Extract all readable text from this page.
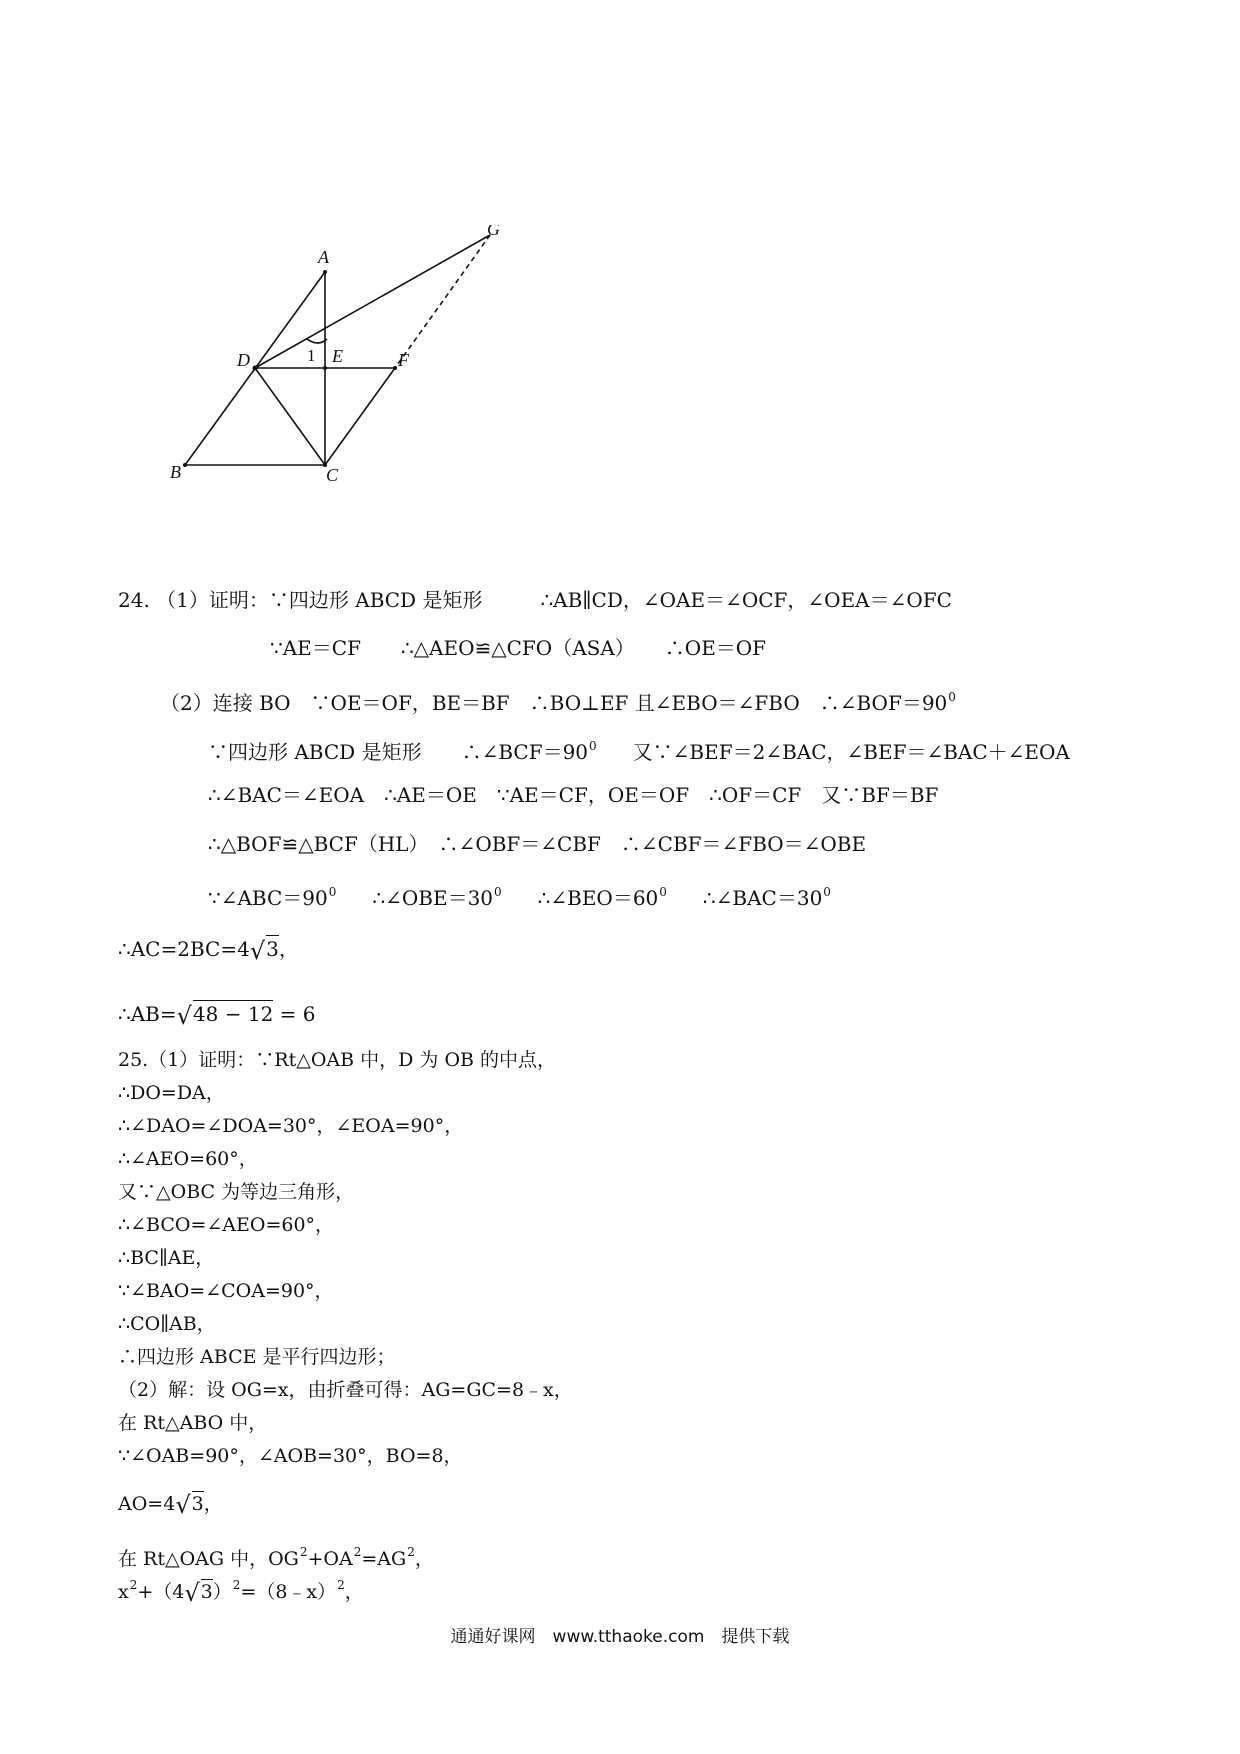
A
B	C
D	E	F
G
1
24. （1）证明：∵四边形 ABCD 是矩形	∴AB∥CD，∠OAE＝∠OCF，∠OEA＝∠OFC
∵AE＝CF　　∴△AEO≌△CFO（ASA）　　∴OE＝OF
（2）连接 BO　∵OE＝OF，BE＝BF　∴BO⊥EF 且∠EBO＝∠FBO　$\therefore\angle BOF=90^0$
∵四边形 ABCD 是矩形　　$\therefore\angle BCF=90^0$ 又∵∠BEF＝2∠BAC，∠BEF＝∠BAC＋∠EOA
∴∠BAC＝∠EOA　∴AE＝OE　∵AE＝CF，OE＝OF　∴OF＝CF　又∵BF＝BF
∴△BOF≌△BCF（HL）　∴∠OBF＝∠CBF　∴∠CBF＝∠FBO＝∠OBE
$\because\angle ABC=90^0$ $\therefore\angle OBE=30^0$ $\therefore\angle BEO=60^0$ $\therefore\angle BAC=30^0$
∴AC=2BC=4√3，
∴AB=√48 − 12 = 6
25.（1）证明：∵Rt△OAB 中，D 为 OB 的中点，
∴DO=DA，
∴∠DAO=∠DOA=30°，∠EOA=90°，
∴∠AEO=60°，
又∵△OBC 为等边三角形，
∴∠BCO=∠AEO=60°，
∴BC∥AE，
∵∠BAO=∠COA=90°，
∴CO∥AB，
∴四边形 ABCE 是平行四边形；
（2）解：设 OG=x，由折叠可得：AG=GC=8﹣x，
在 Rt△ABO 中，
∵∠OAB=90°，∠AOB=30°，BO=8，
AO=4√3，
在 Rt△OAG 中，$OG^2+OA^2=AG^2$，
$x^2+(4√3)^2=(8﹣x)^2$，
通通好课网　www.tthaoke.com　提供下载
